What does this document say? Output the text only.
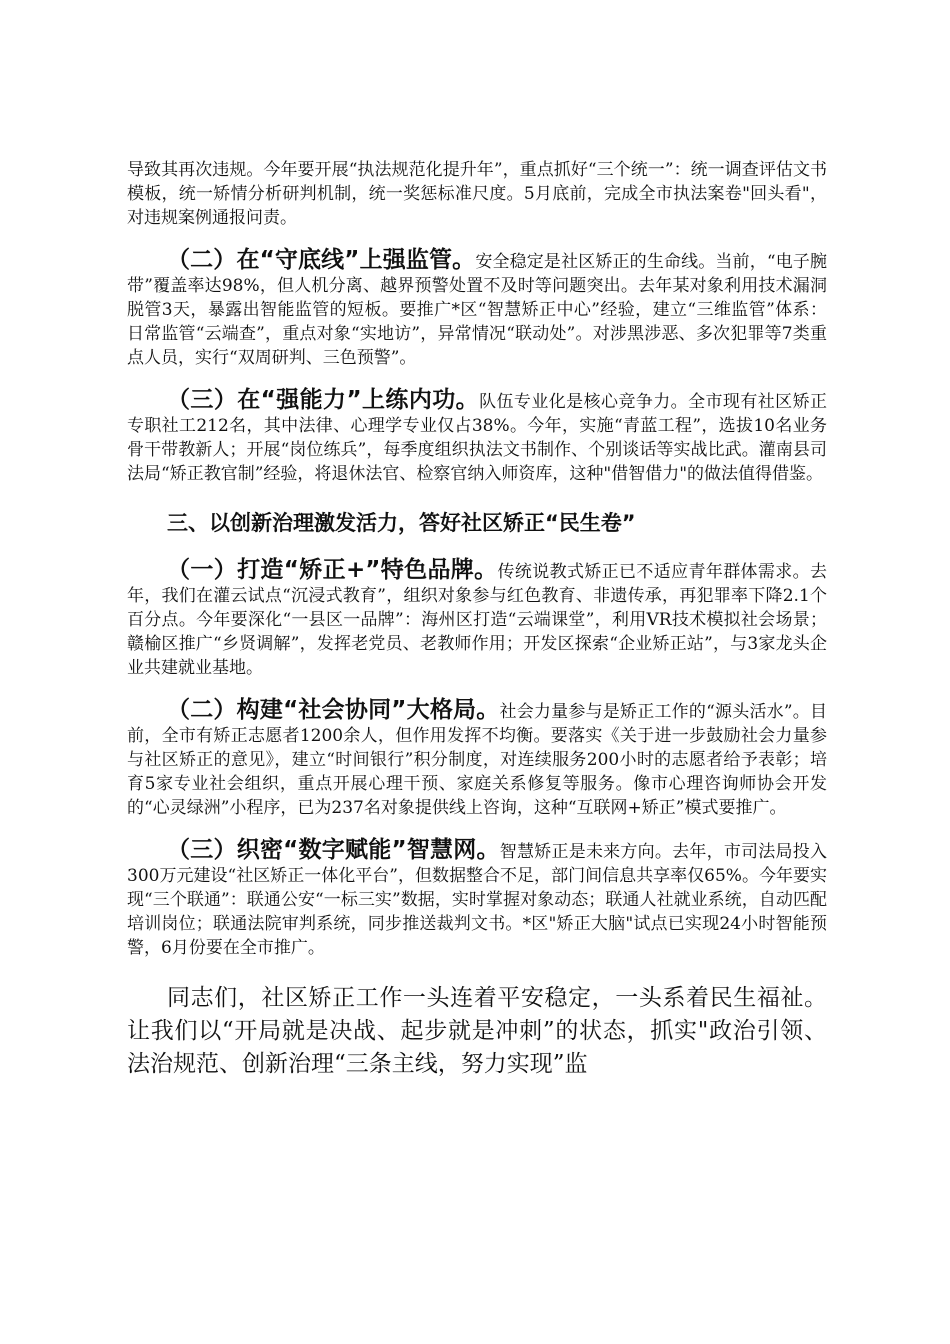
导致其再次违规。今年要开展“执法规范化提升年”，重点抓好“三个统一”：统一调查评估文书模板，统一矫情分析研判机制，统一奖惩标准尺度。5月底前，完成全市执法案卷"回头看"，对违规案例通报问责。

（二）在“守底线”上强监管。安全稳定是社区矫正的生命线。当前，“电子腕带”覆盖率达98%，但人机分离、越界预警处置不及时等问题突出。去年某对象利用技术漏洞脱管3天，暴露出智能监管的短板。要推广*区“智慧矫正中心”经验，建立“三维监管”体系：日常监管“云端查”，重点对象“实地访”，异常情况“联动处”。对涉黑涉恶、多次犯罪等7类重点人员，实行“双周研判、三色预警”。

（三）在“强能力”上练内功。队伍专业化是核心竞争力。全市现有社区矫正专职社工212名，其中法律、心理学专业仅占38%。今年，实施“青蓝工程”，选拔10名业务骨干带教新人；开展“岗位练兵”，每季度组织执法文书制作、个别谈话等实战比武。灌南县司法局“矫正教官制”经验，将退休法官、检察官纳入师资库，这种"借智借力"的做法值得借鉴。

三、以创新治理激发活力，答好社区矫正“民生卷”

（一）打造“矫正+”特色品牌。传统说教式矫正已不适应青年群体需求。去年，我们在灌云试点“沉浸式教育”，组织对象参与红色教育、非遗传承，再犯罪率下降2.1个百分点。今年要深化“一县区一品牌”：海州区打造“云端课堂”，利用VR技术模拟社会场景；赣榆区推广“乡贤调解”，发挥老党员、老教师作用；开发区探索“企业矫正站”，与3家龙头企业共建就业基地。

（二）构建“社会协同”大格局。社会力量参与是矫正工作的“源头活水”。目前，全市有矫正志愿者1200余人，但作用发挥不均衡。要落实《关于进一步鼓励社会力量参与社区矫正的意见》，建立“时间银行”积分制度，对连续服务200小时的志愿者给予表彰；培育5家专业社会组织，重点开展心理干预、家庭关系修复等服务。像市心理咨询师协会开发的“心灵绿洲”小程序，已为237名对象提供线上咨询，这种“互联网+矫正”模式要推广。

（三）织密“数字赋能”智慧网。智慧矫正是未来方向。去年，市司法局投入300万元建设“社区矫正一体化平台”，但数据整合不足，部门间信息共享率仅65%。今年要实现“三个联通”：联通公安“一标三实”数据，实时掌握对象动态；联通人社就业系统，自动匹配培训岗位；联通法院审判系统，同步推送裁判文书。*区"矫正大脑"试点已实现24小时智能预警，6月份要在全市推广。

同志们，社区矫正工作一头连着平安稳定，一头系着民生福祉。让我们以“开局就是决战、起步就是冲刺”的状态，抓实"政治引领、法治规范、创新治理“三条主线，努力实现”监
